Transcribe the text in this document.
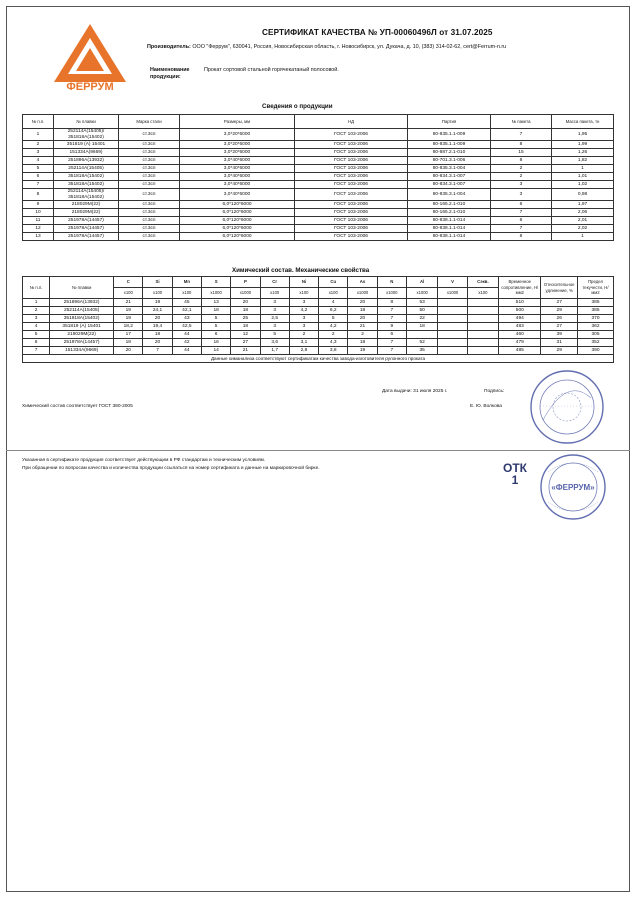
ФЕРРУМ
СЕРТИФИКАТ КАЧЕСТВА № УП-00060496Л от 31.07.2025
Производитель: ООО "Феррум", 630041, Россия, Новосибирская область, г. Новосибирск, ул. Дукача, д. 10, (383) 314-02-62, cert@Ferrum-n.ru
Наименование продукции:
Прокат сортовой стальной горячекатаный полосовой.
Сведения о продукции
№ п.п.	№ плавки	Марка стали	Размеры, мм	НД	Партия	№ пакета	Масса пакета, тн
1	252114А(15405)/ 351818А(15402)	ст.3сп	3,0*20*6000	ГОСТ 103-2006	80-835.1.1-009	7	1,95
2	351819 (А) 15401	ст.3сп	3,0*20*6000	ГОСТ 103-2006	80-835.1.1-009	8	1,99
3	151334А(9669)	ст.3сп	3,0*20*6000	ГОСТ 103-2006	80-887.2.1-010	15	1,26
4	251896А(13932)	ст.3сп	3,0*40*6000	ГОСТ 103-2006	80-701.3.1-006	8	1,82
5	252114А(15405)	ст.3сп	3,0*40*6000	ГОСТ 103-2006	80-835.3.1-004	2	1
6	351818А(15402)	ст.3сп	3,0*40*6000	ГОСТ 103-2006	80-834.3.1-007	2	1,01
7	351818А(15402)	ст.3сп	3,0*40*6000	ГОСТ 103-2006	80-834.3.1-007	3	1,02
8	252114А(15405)/ 351818А(15402)	ст.3сп	3,0*40*6000	ГОСТ 103-2006	80-835.3.1-004	3	0,98
9	218029М(22)	ст.3сп	6,0*120*6000	ГОСТ 103-2006	80-165.2.1-010	6	1,97
10	218029М(22)	ст.3сп	6,0*120*6000	ГОСТ 103-2006	80-165.2.1-010	7	2,06
11	251978А(14457)	ст.3сп	6,0*120*6000	ГОСТ 103-2006	80-838.1.1-014	6	2,01
12	251978А(14457)	ст.3сп	6,0*120*6000	ГОСТ 103-2006	80-838.1.1-014	7	2,02
13	251978А(14457)	ст.3сп	6,0*120*6000	ГОСТ 103-2006	80-838.1.1-014	8	1
Химический состав. Механические свойства
№ п.п.	№ плавки	C	Si	Mn	S	P	Cr	Ni	Cu	As	N	Al	V	Сэкв.	Временное сопротивление, Н/мм2	Относительное удлинение, %	Предел текучести, Н/мм2
		x100	x100	x100	x1000	x1000	x100	x100	x100	x1000	x1000	x1000	x1000	x100			
1	251896А(13932)	21	19	45	13	20	3	3	4	20	8	53			510	27	385
2	252114А(15405)	19	24,1	42,1	18	18	3	4,2	6,2	18	7	50			500	29	385
3	351818А(15402)	19	20	43	5	25	2,5	3	5	20	7	22			494	26	370
4	351819 (А) 15401	18,2	19,4	42,5	5	18	3	3	4,2	21	9	18			483	27	362
5	218029М(22)	17	18	44	6	12	5	2	2	2	6				460	39	305
6	251978А(14457)	18	20	42	16	27	3,6	3,1	4,3	18	7	52			479	31	352
7	151334А(9669)	20	7	44	14	21	1,7	2,8	3,8	19	7	35			485	29	390
Данные химанализа соответствуют сертификатам качества завода-изготовителя рулонного проката																	
Дата выдачи: 31 июля 2025 г.	Подпись:
Е. Ю. Волкова
Химический состав соответствует ГОСТ 380-2005
Указанная в сертификате продукция соответствует действующим в РФ стандартам и техническим условиям.
При обращении по вопросам качества и количества продукции ссылаться на номер сертификата и данные на маркировочной бирке.	ОТК
1
«ФЕРРУМ»
